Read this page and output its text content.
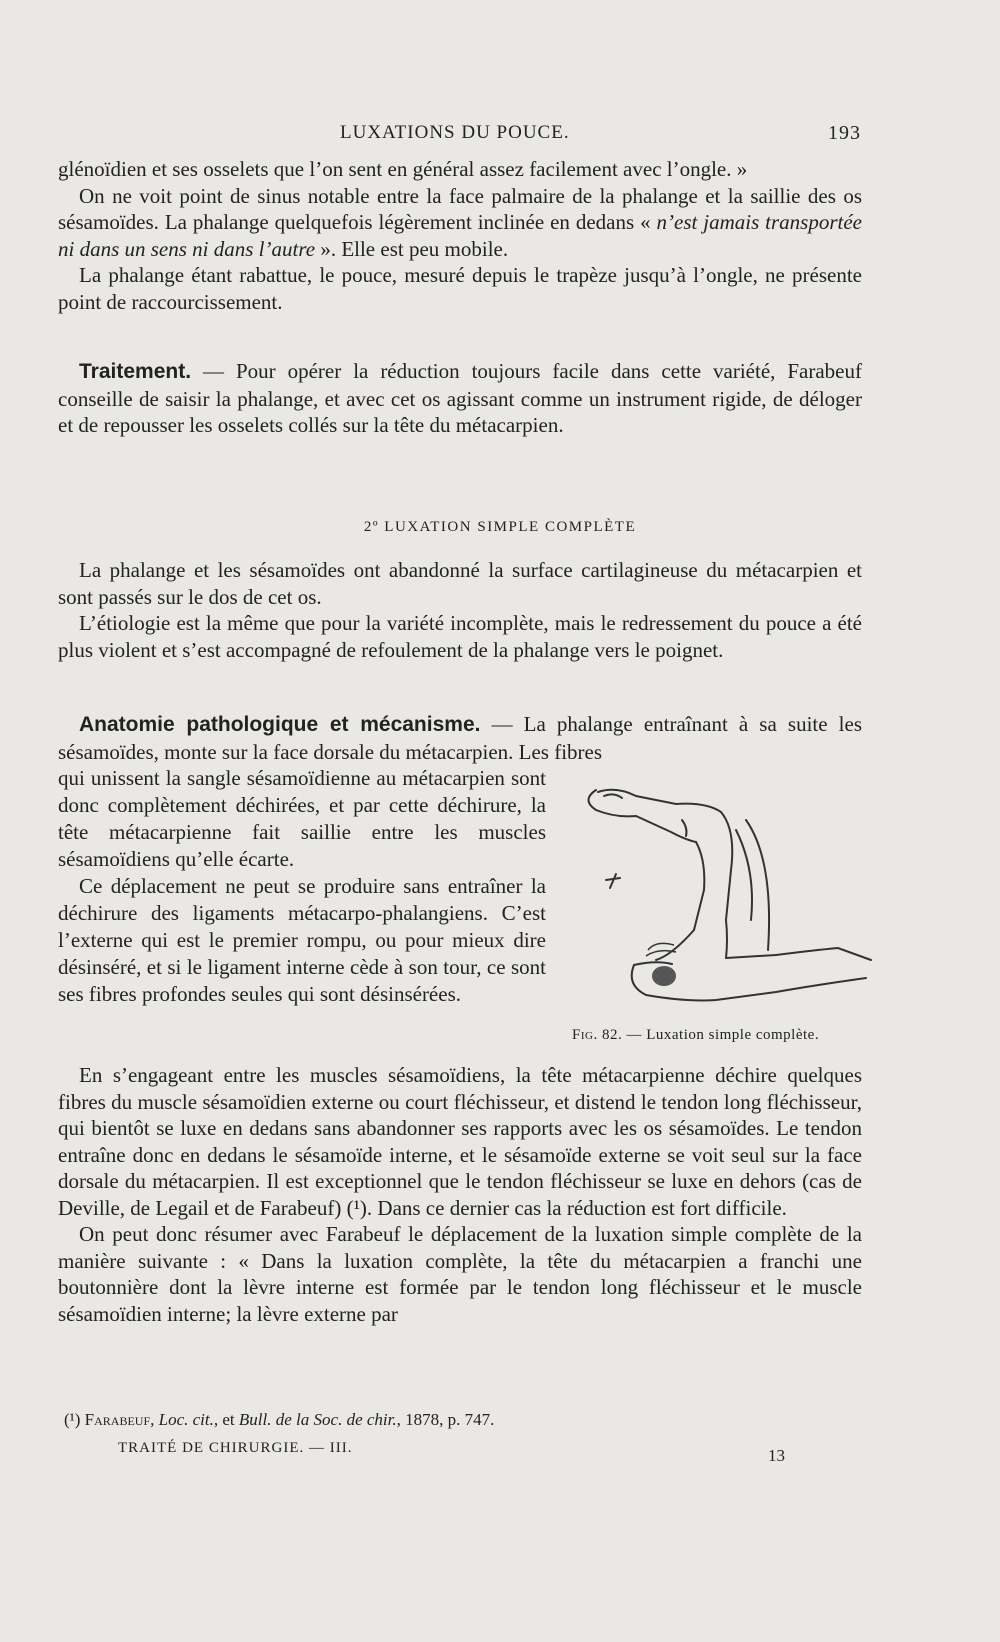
LUXATIONS DU POUCE.	193

glénoïdien et ses osselets que l’on sent en général assez facilement avec l’ongle. »

On ne voit point de sinus notable entre la face palmaire de la phalange et la saillie des os sésamoïdes. La phalange quelquefois légèrement inclinée en dedans « n’est jamais transportée ni dans un sens ni dans l’autre ». Elle est peu mobile.

La phalange étant rabattue, le pouce, mesuré depuis le trapèze jusqu’à l’ongle, ne présente point de raccourcissement.

Traitement. — Pour opérer la réduction toujours facile dans cette variété, Farabeuf conseille de saisir la phalange, et avec cet os agissant comme un instrument rigide, de déloger et de repousser les osselets collés sur la tête du métacarpien.

2º LUXATION SIMPLE COMPLÈTE

La phalange et les sésamoïdes ont abandonné la surface cartilagineuse du métacarpien et sont passés sur le dos de cet os.

L’étiologie est la même que pour la variété incomplète, mais le redressement du pouce a été plus violent et s’est accompagné de refoulement de la phalange vers le poignet.

Anatomie pathologique et mécanisme. — La phalange entraînant à sa suite les sésamoïdes, monte sur la face dorsale du métacarpien. Les fibres

qui unissent la sangle sésamoïdienne au métacarpien sont donc complètement déchirées, et par cette déchirure, la tête métacarpienne fait saillie entre les muscles sésamoïdiens qu’elle écarte.

Ce déplacement ne peut se produire sans entraîner la déchirure des ligaments métacarpo-phalangiens. C’est l’externe qui est le premier rompu, ou pour mieux dire désinséré, et si le ligament interne cède à son tour, ce sont ses fibres profondes seules qui sont désinsérées.

Fig. 82. — Luxation simple complète.

En s’engageant entre les muscles sésamoïdiens, la tête métacarpienne déchire quelques fibres du muscle sésamoïdien externe ou court fléchisseur, et distend le tendon long fléchisseur, qui bientôt se luxe en dedans sans abandonner ses rapports avec les os sésamoïdes. Le tendon entraîne donc en dedans le sésamoïde interne, et le sésamoïde externe se voit seul sur la face dorsale du métacarpien. Il est exceptionnel que le tendon fléchisseur se luxe en dehors (cas de Deville, de Legail et de Farabeuf) (¹). Dans ce dernier cas la réduction est fort difficile.

On peut donc résumer avec Farabeuf le déplacement de la luxation simple complète de la manière suivante : « Dans la luxation complète, la tête du métacarpien a franchi une boutonnière dont la lèvre interne est formée par le tendon long fléchisseur et le muscle sésamoïdien interne; la lèvre externe par

(¹) Farabeuf, Loc. cit., et Bull. de la Soc. de chir., 1878, p. 747.
TRAITÉ DE CHIRURGIE. — III.	13
